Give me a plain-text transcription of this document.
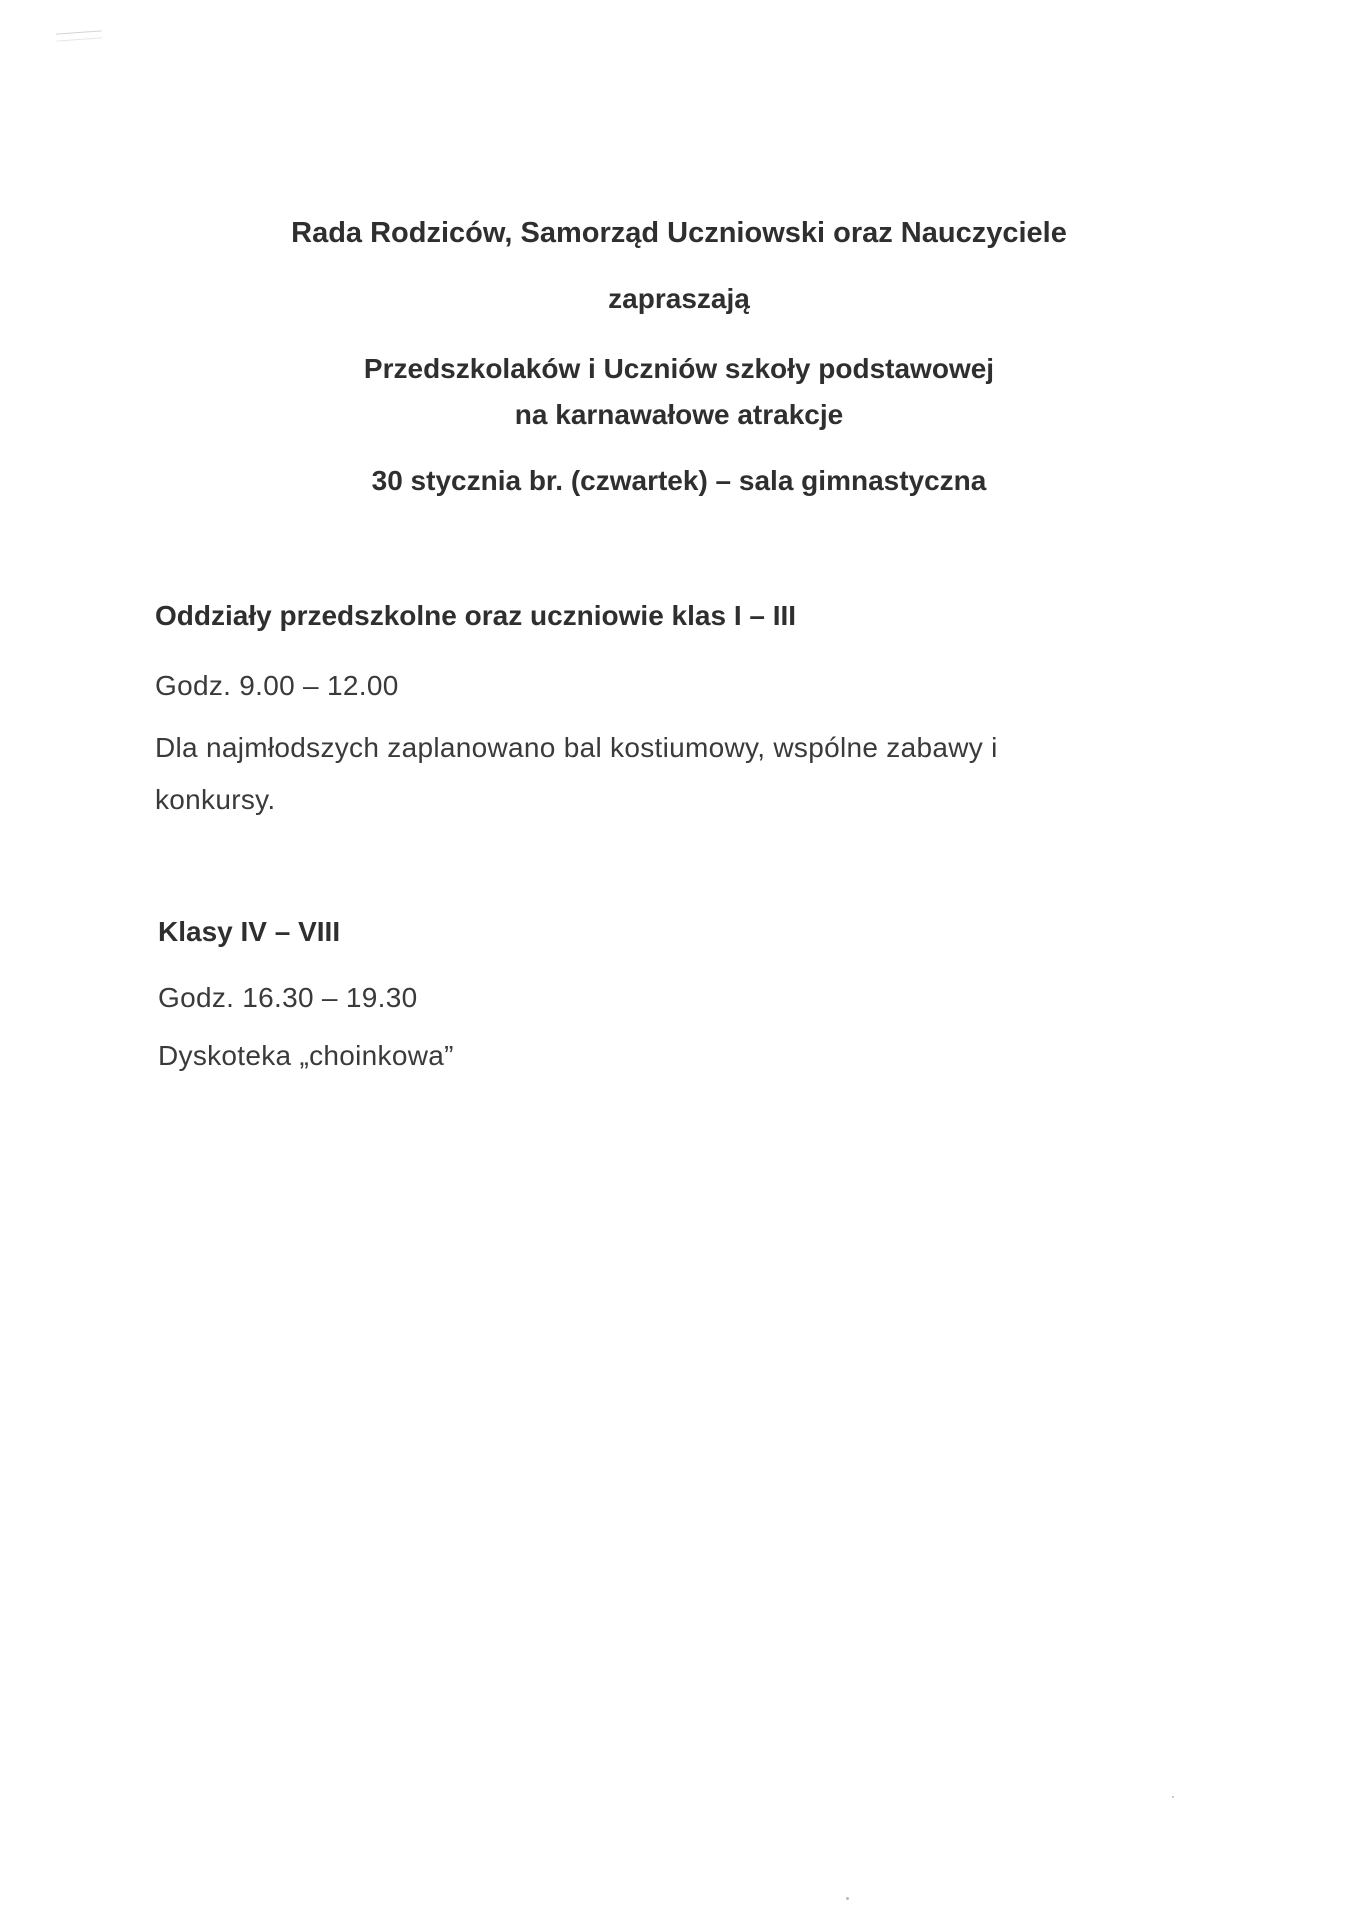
Rada Rodziców, Samorząd Uczniowski oraz Nauczyciele
zapraszają
Przedszkolaków i Uczniów szkoły podstawowej
na karnawałowe atrakcje
30 stycznia br. (czwartek) – sala gimnastyczna
Oddziały przedszkolne oraz uczniowie klas I – III
Godz. 9.00 – 12.00
Dla najmłodszych zaplanowano bal kostiumowy, wspólne zabawy i
konkursy.
Klasy IV – VIII
Godz. 16.30 – 19.30
Dyskoteka „choinkowa”
